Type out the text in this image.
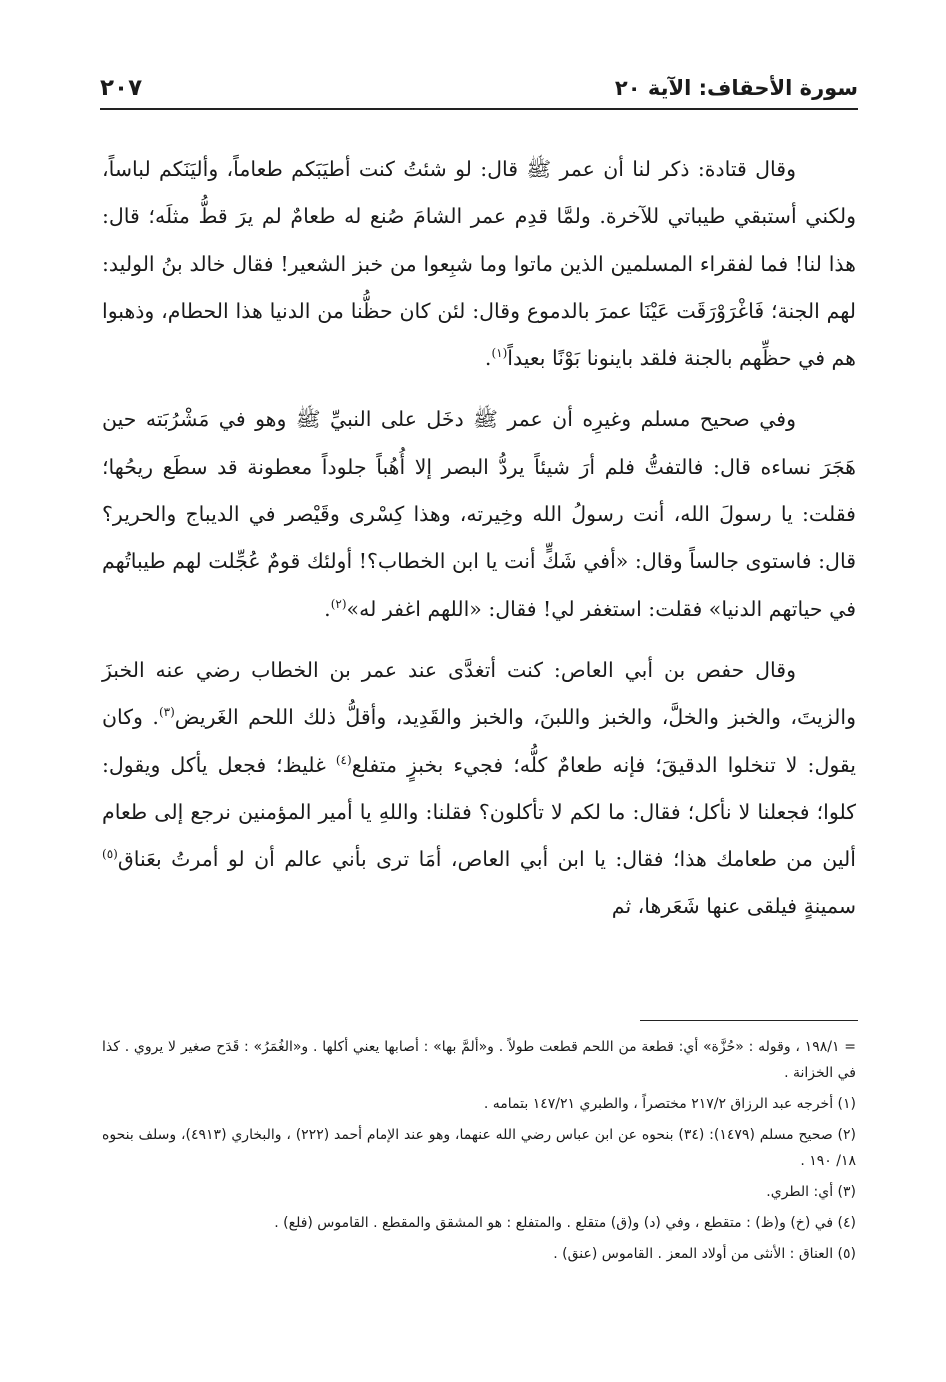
سورة الأحقاف: الآية ٢٠
٢٠٧

وقال قتادة: ذكر لنا أن عمر ﷺ قال: لو شئتُ كنت أطيَبَكم طعاماً، وأليَنَكم لباساً، ولكني أستبقي طيباتي للآخرة. ولمَّا قدِم عمر الشامَ صُنع له طعامٌ لم يرَ قطُّ مثلَه؛ قال: هذا لنا! فما لفقراء المسلمين الذين ماتوا وما شبِعوا من خبز الشعير! فقال خالد بنُ الوليد: لهم الجنة؛ فَاغْرَوْرَقَت عَيْنَا عمرَ بالدموع وقال: لئن كان حظُّنا من الدنيا هذا الحطام، وذهبوا هم في حظِّهم بالجنة فلقد باينونا بَوْنًا بعيداً$^{(١)}$.

وفي صحيح مسلم وغيرِه أن عمر ﷺ دخَل على النبيِّ ﷺ وهو في مَشْرُبَته حين هَجَرَ نساءه قال: فالتفتُّ فلم أرَ شيئاً يردُّ البصر إلا أُهُباً جلوداً معطونة قد سطَع ريحُها؛ فقلت: يا رسولَ الله، أنت رسولُ الله وخِيرته، وهذا كِسْرى وقَيْصر في الديباج والحرير؟ قال: فاستوى جالساً وقال: «أفي شَكٍّ أنت يا ابن الخطاب؟! أولئك قومٌ عُجِّلت لهم طيباتُهم في حياتهم الدنيا» فقلت: استغفر لي! فقال: «اللهم اغفر له»$^{(٢)}$.

وقال حفص بن أبي العاص: كنت أتغدَّى عند عمر بن الخطاب رضي عنه الخبزَ والزيتَ، والخبز والخلَّ، والخبز واللبنَ، والخبز والقَدِيد، وأقلُّ ذلك اللحم الغَريض$^{(٣)}$. وكان يقول: لا تنخلوا الدقيقَ؛ فإنه طعامٌ كلُّه؛ فجيء بخبزٍ متفلع$^{(٤)}$ غليظ؛ فجعل يأكل ويقول: كلوا؛ فجعلنا لا نأكل؛ فقال: ما لكم لا تأكلون؟ فقلنا: واللهِ يا أمير المؤمنين نرجع إلى طعام ألين من طعامك هذا؛ فقال: يا ابن أبي العاص، أمَا ترى بأني عالم أن لو أمرتُ بعَناق$^{(٥)}$ سمينةٍ فيلقى عنها شَعَرها، ثم

= ١٩٨/١ ، وقوله : «حُزَّة» أي: قطعة من اللحم قطعت طولاً . و«ألمَّ بها» : أصابها يعني أكلها . و«الغُمَرُ» : قَدَح صغير لا يروي . كذا في الخزانة .

(١) أخرجه عبد الرزاق ٢١٧/٢ مختصراً ، والطبري ١٤٧/٢١ بتمامه .

(٢) صحيح مسلم (١٤٧٩): (٣٤) بنحوه عن ابن عباس رضي الله عنهما، وهو عند الإمام أحمد (٢٢٢) ، والبخاري (٤٩١٣)، وسلف بنحوه ١٨/ ١٩٠ .

(٣) أي: الطري.

(٤) في (خ) و(ظ) : متقطع ، وفي (د) و(ق) متقلع . والمتفلع : هو المشقق والمقطع . القاموس (فلع) .

(٥) العناق : الأنثى من أولاد المعز . القاموس (عنق) .
